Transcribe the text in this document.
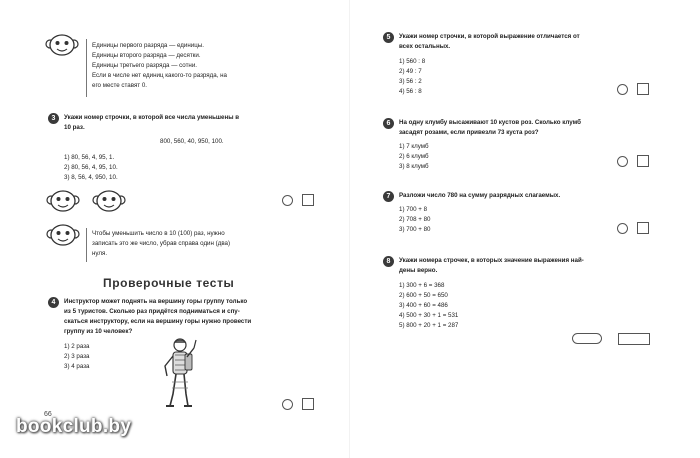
Единицы первого разряда — единицы.
Единицы второго разряда — десятки.
Единицы третьего разряда — сотни.
Если в числе нет единиц какого-то разряда, на
его месте ставят 0.
3	Укажи номер строчки, в которой все числа уменьшены в
10 раз.
800, 560, 40, 950, 100.
1) 80, 56, 4, 95, 1.
2) 80, 56, 4, 95, 10.
3) 8, 56, 4, 950, 10.
Чтобы уменьшить число в 10 (100) раз, нужно
записать это же число, убрав справа один (два)
нуля.
Проверочные тесты
4	Инструктор может поднять на вершину горы группу только
из 5 туристов. Сколько раз придётся подниматься и спу-
скаться инструктору, если на вершину горы нужно провести
группу из 10 человек?
1) 2 раза
2) 3 раза
3) 4 раза
66
5	Укажи номер строчки, в которой выражение отличается от
всех остальных.
1) 560 : 8
2) 49 : 7
3) 56 : 2
4) 56 : 8
6	На одну клумбу высаживают 10 кустов роз. Сколько клумб
засадят розами, если привезли 73 куста роз?
1) 7 клумб
2) 6 клумб
3) 8 клумб
7	Разложи число 780 на сумму разрядных слагаемых.
1) 700 + 8
2) 708 + 80
3) 700 + 80
8	Укажи номера строчек, в которых значение выражения най-
дены верно.
1) 300 + 6 = 368
2) 600 + 50 = 650
3) 400 + 60 = 486
4) 500 + 30 + 1 = 531
5) 800 + 20 + 1 = 287
bookclub.by
